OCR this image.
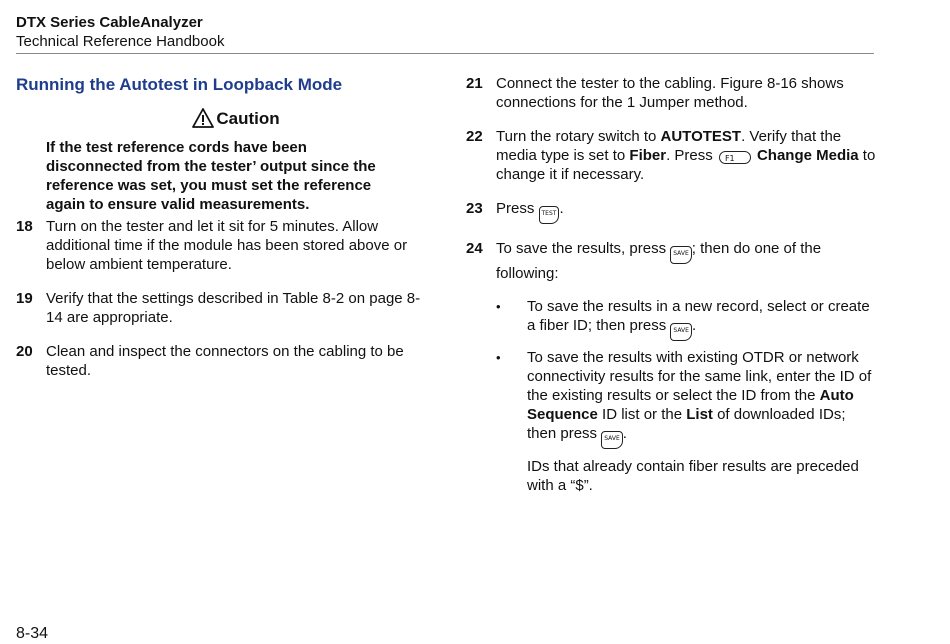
DTX Series CableAnalyzer
Technical Reference Handbook
Running the Autotest in Loopback Mode
Caution
If the test reference cords have been disconnected from the tester’ output since the reference was set, you must set the reference again to ensure valid measurements.
18 Turn on the tester and let it sit for 5 minutes. Allow additional time if the module has been stored above or below ambient temperature.
19 Verify that the settings described in Table 8-2 on page 8-14 are appropriate.
20 Clean and inspect the connectors on the cabling to be tested.
21 Connect the tester to the cabling. Figure 8-16 shows connections for the 1 Jumper method.
22 Turn the rotary switch to AUTOTEST. Verify that the media type is set to Fiber. Press F1 Change Media to change it if necessary.
23 Press TEST .
24 To save the results, press SAVE ; then do one of the following:
•	To save the results in a new record, select or create a fiber ID; then press SAVE .
•	To save the results with existing OTDR or network connectivity results for the same link, enter the ID of the existing results or select the ID from the Auto Sequence ID list or the List of downloaded IDs; then press SAVE .
IDs that already contain fiber results are preceded with a “$”.
8-34
